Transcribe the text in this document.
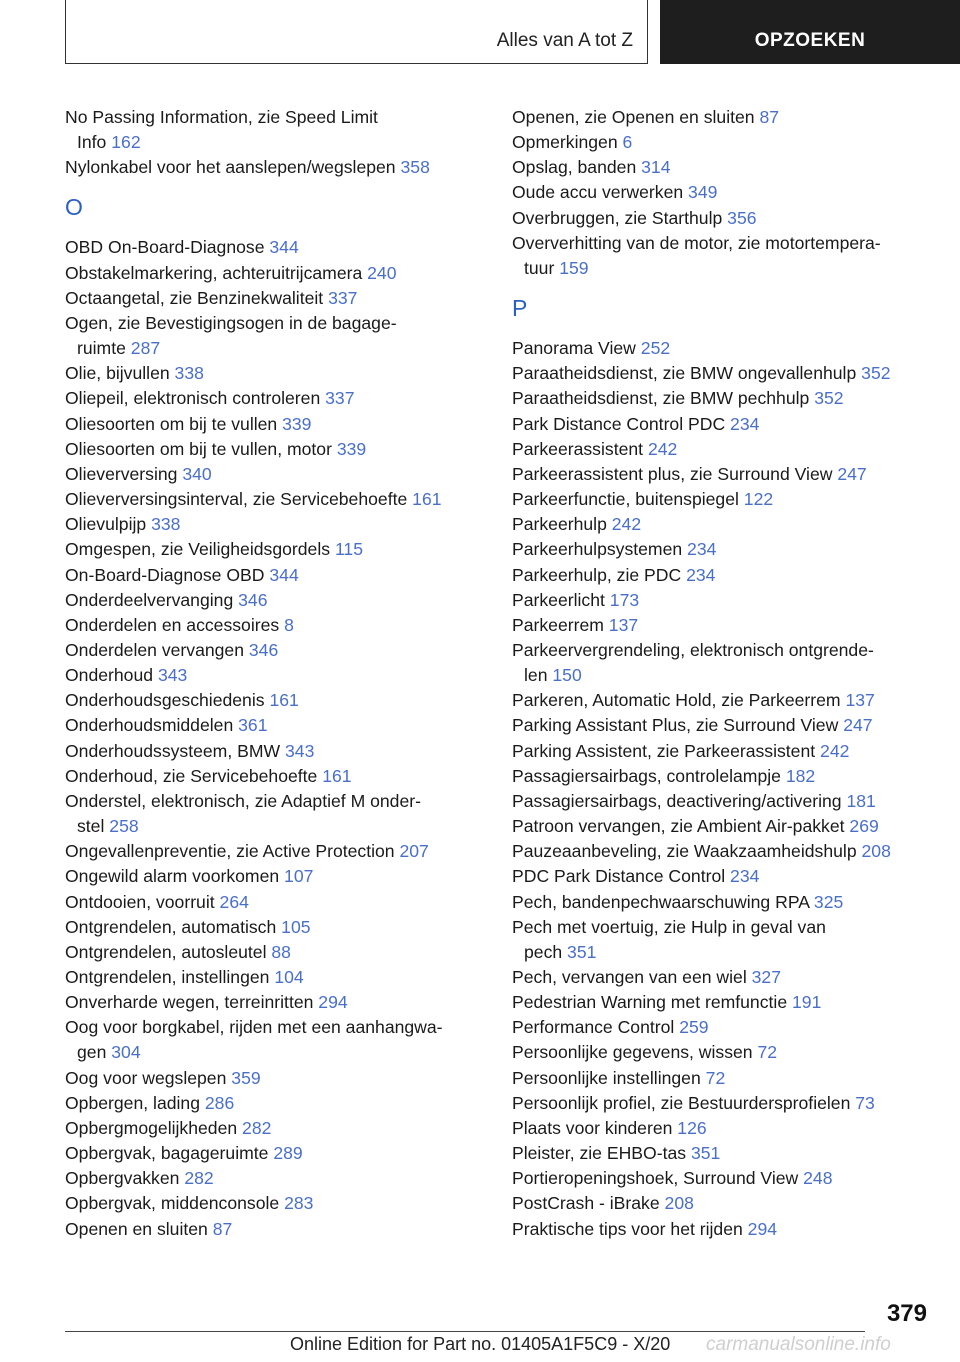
Alles van A tot Z	OPZOEKEN
No Passing Information, zie Speed Limit
Info 162
Nylonkabel voor het aanslepen/wegslepen 358
O
OBD On-Board-Diagnose 344
Obstakelmarkering, achteruitrijcamera 240
Octaangetal, zie Benzinekwaliteit 337
Ogen, zie Bevestigingsogen in de bagage-
ruimte 287
Olie, bijvullen 338
Oliepeil, elektronisch controleren 337
Oliesoorten om bij te vullen 339
Oliesoorten om bij te vullen, motor 339
Olieverversing 340
Olieverversingsinterval, zie Servicebehoefte 161
Olievulpijp 338
Omgespen, zie Veiligheidsgordels 115
On-Board-Diagnose OBD 344
Onderdeelvervanging 346
Onderdelen en accessoires 8
Onderdelen vervangen 346
Onderhoud 343
Onderhoudsgeschiedenis 161
Onderhoudsmiddelen 361
Onderhoudssysteem, BMW 343
Onderhoud, zie Servicebehoefte 161
Onderstel, elektronisch, zie Adaptief M onder-
stel 258
Ongevallenpreventie, zie Active Protection 207
Ongewild alarm voorkomen 107
Ontdooien, voorruit 264
Ontgrendelen, automatisch 105
Ontgrendelen, autosleutel 88
Ontgrendelen, instellingen 104
Onverharde wegen, terreinritten 294
Oog voor borgkabel, rijden met een aanhangwa-
gen 304
Oog voor wegslepen 359
Opbergen, lading 286
Opbergmogelijkheden 282
Opbergvak, bagageruimte 289
Opbergvakken 282
Opbergvak, middenconsole 283
Openen en sluiten 87
Openen, zie Openen en sluiten 87
Opmerkingen 6
Opslag, banden 314
Oude accu verwerken 349
Overbruggen, zie Starthulp 356
Oververhitting van de motor, zie motortempera-
tuur 159
P
Panorama View 252
Paraatheidsdienst, zie BMW ongevallenhulp 352
Paraatheidsdienst, zie BMW pechhulp 352
Park Distance Control PDC 234
Parkeerassistent 242
Parkeerassistent plus, zie Surround View 247
Parkeerfunctie, buitenspiegel 122
Parkeerhulp 242
Parkeerhulpsystemen 234
Parkeerhulp, zie PDC 234
Parkeerlicht 173
Parkeerrem 137
Parkeervergrendeling, elektronisch ontgrende-
len 150
Parkeren, Automatic Hold, zie Parkeerrem 137
Parking Assistant Plus, zie Surround View 247
Parking Assistent, zie Parkeerassistent 242
Passagiersairbags, controlelampje 182
Passagiersairbags, deactivering/activering 181
Patroon vervangen, zie Ambient Air-pakket 269
Pauzeaanbeveling, zie Waakzaamheidshulp 208
PDC Park Distance Control 234
Pech, bandenpechwaarschuwing RPA 325
Pech met voertuig, zie Hulp in geval van
pech 351
Pech, vervangen van een wiel 327
Pedestrian Warning met remfunctie 191
Performance Control 259
Persoonlijke gegevens, wissen 72
Persoonlijke instellingen 72
Persoonlijk profiel, zie Bestuurdersprofielen 73
Plaats voor kinderen 126
Pleister, zie EHBO-tas 351
Portieropeningshoek, Surround View 248
PostCrash - iBrake 208
Praktische tips voor het rijden 294
379
Online Edition for Part no. 01405A1F5C9 - X/20 carmanualsonline.info
